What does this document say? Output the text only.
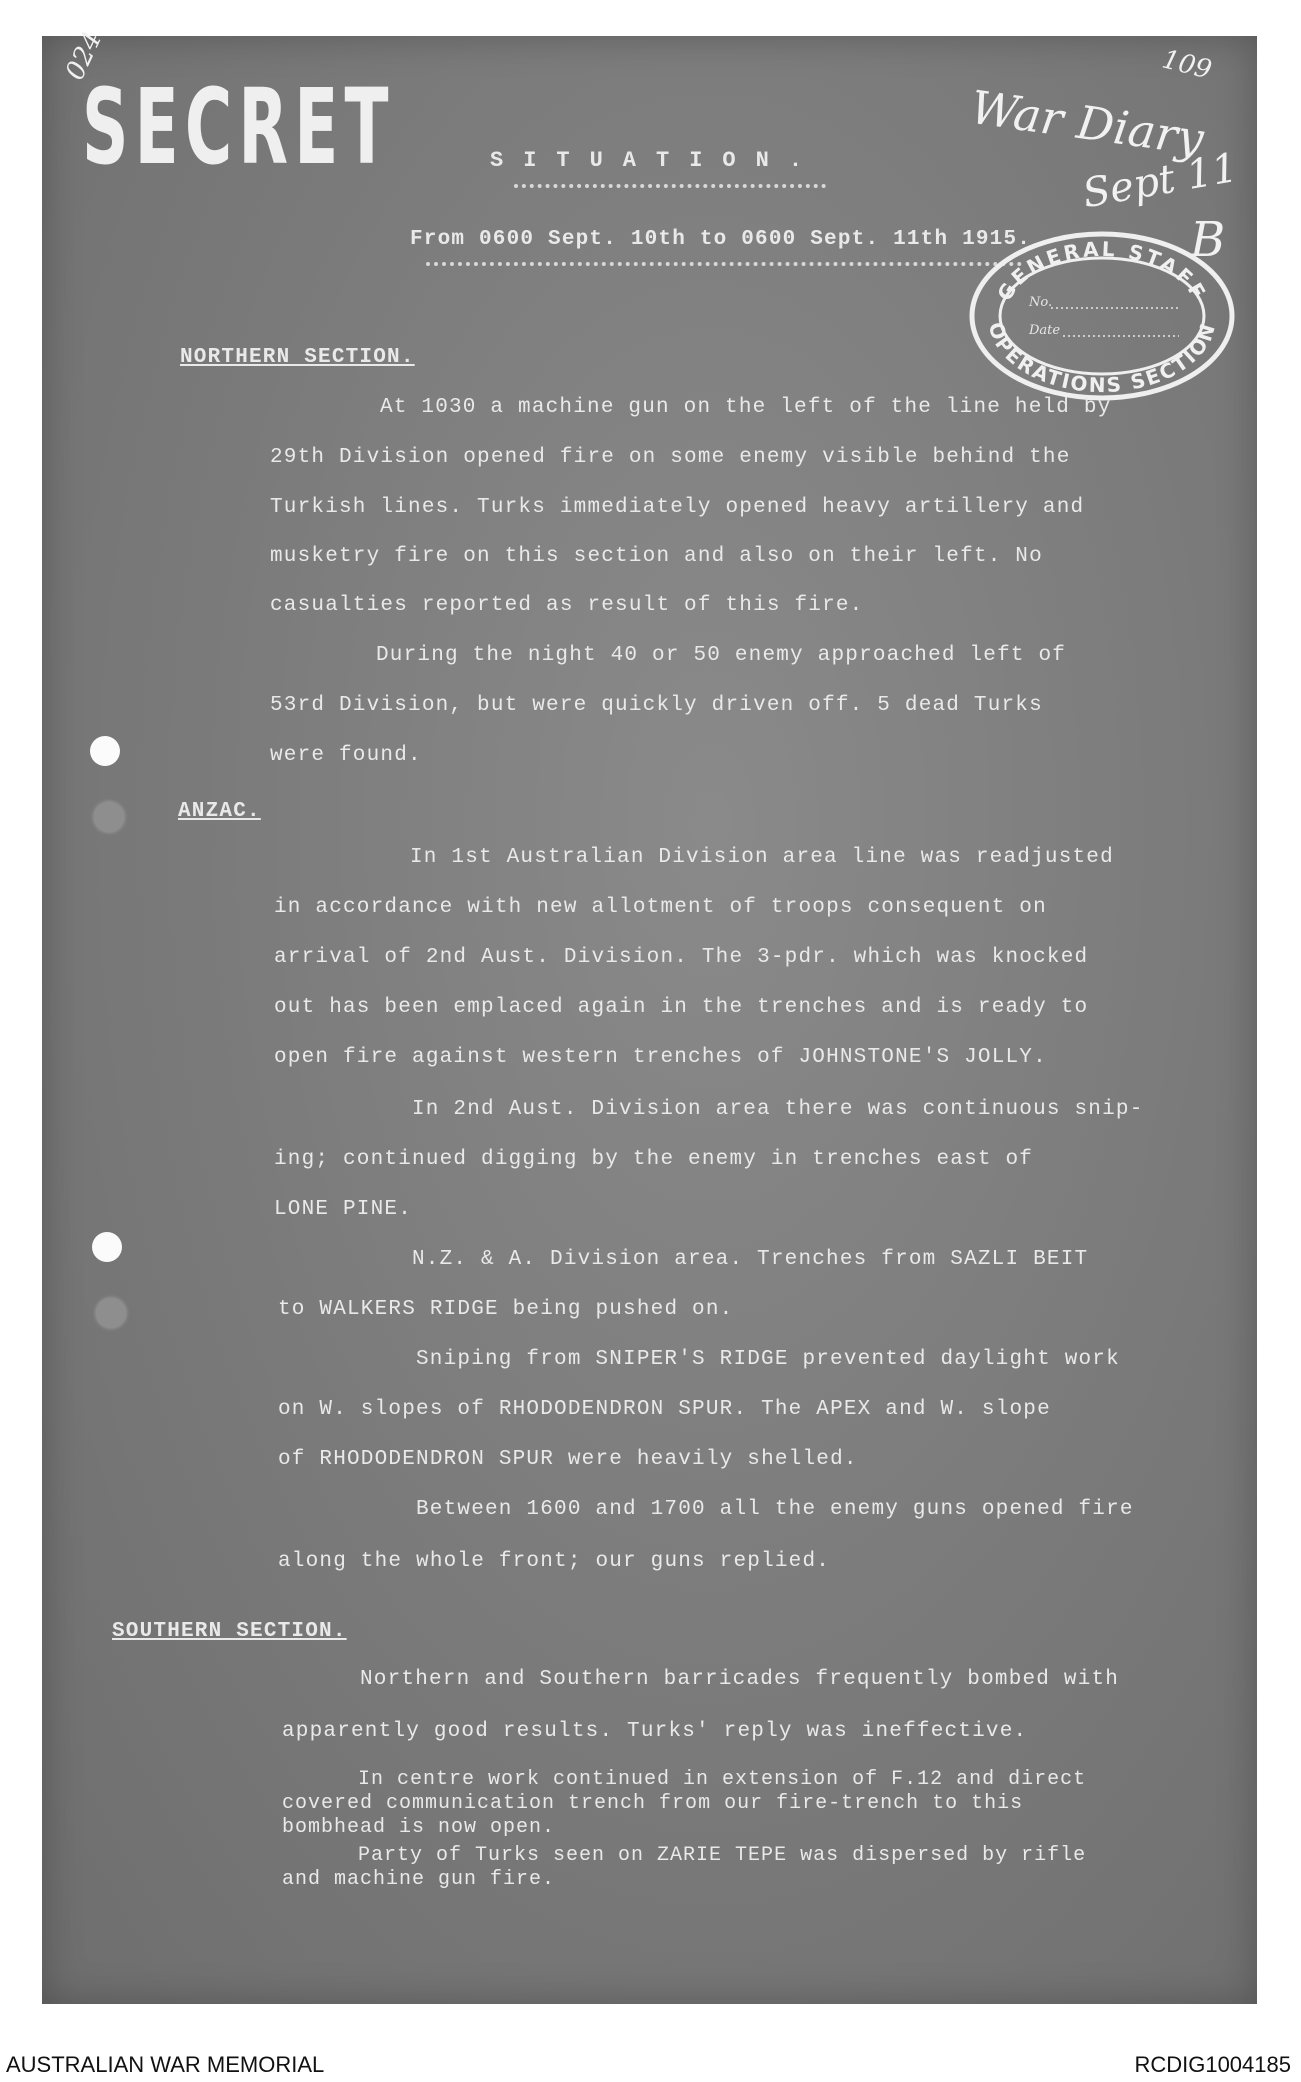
SECRET
024
SITUATION.
From 0600 Sept. 10th to 0600 Sept. 11th 1915.
109
War Diary
Sept 11
B
GENERAL STAFF
OPERATIONS SECTION
No.
Date
NORTHERN SECTION.
At 1030 a machine gun on the left of the line held by
29th Division opened fire on some enemy visible behind the
Turkish lines. Turks immediately opened heavy artillery and
musketry fire on this section and also on their left. No
casualties reported as result of this fire.
During the night 40 or 50 enemy approached left of
53rd Division, but were quickly driven off. 5 dead Turks
were found.
ANZAC.
In 1st Australian Division area line was readjusted
in accordance with new allotment of troops consequent on
arrival of 2nd Aust. Division. The 3-pdr. which was knocked
out has been emplaced again in the trenches and is ready to
open fire against western trenches of JOHNSTONE'S JOLLY.
In 2nd Aust. Division area there was continuous snip-
ing; continued digging by the enemy in trenches east of
LONE PINE.
N.Z. & A. Division area. Trenches from SAZLI BEIT
to WALKERS RIDGE being pushed on.
Sniping from SNIPER'S RIDGE prevented daylight work
on W. slopes of RHODODENDRON SPUR. The APEX and W. slope
of RHODODENDRON SPUR were heavily shelled.
Between 1600 and 1700 all the enemy guns opened fire
along the whole front; our guns replied.
SOUTHERN SECTION.
Northern and Southern barricades frequently bombed with
apparently good results. Turks' reply was ineffective.
In centre work continued in extension of F.12 and direct
covered communication trench from our fire-trench to this
bombhead is now open.
Party of Turks seen on ZARIE TEPE was dispersed by rifle
and machine gun fire.
AUSTRALIAN WAR MEMORIAL	RCDIG1004185
